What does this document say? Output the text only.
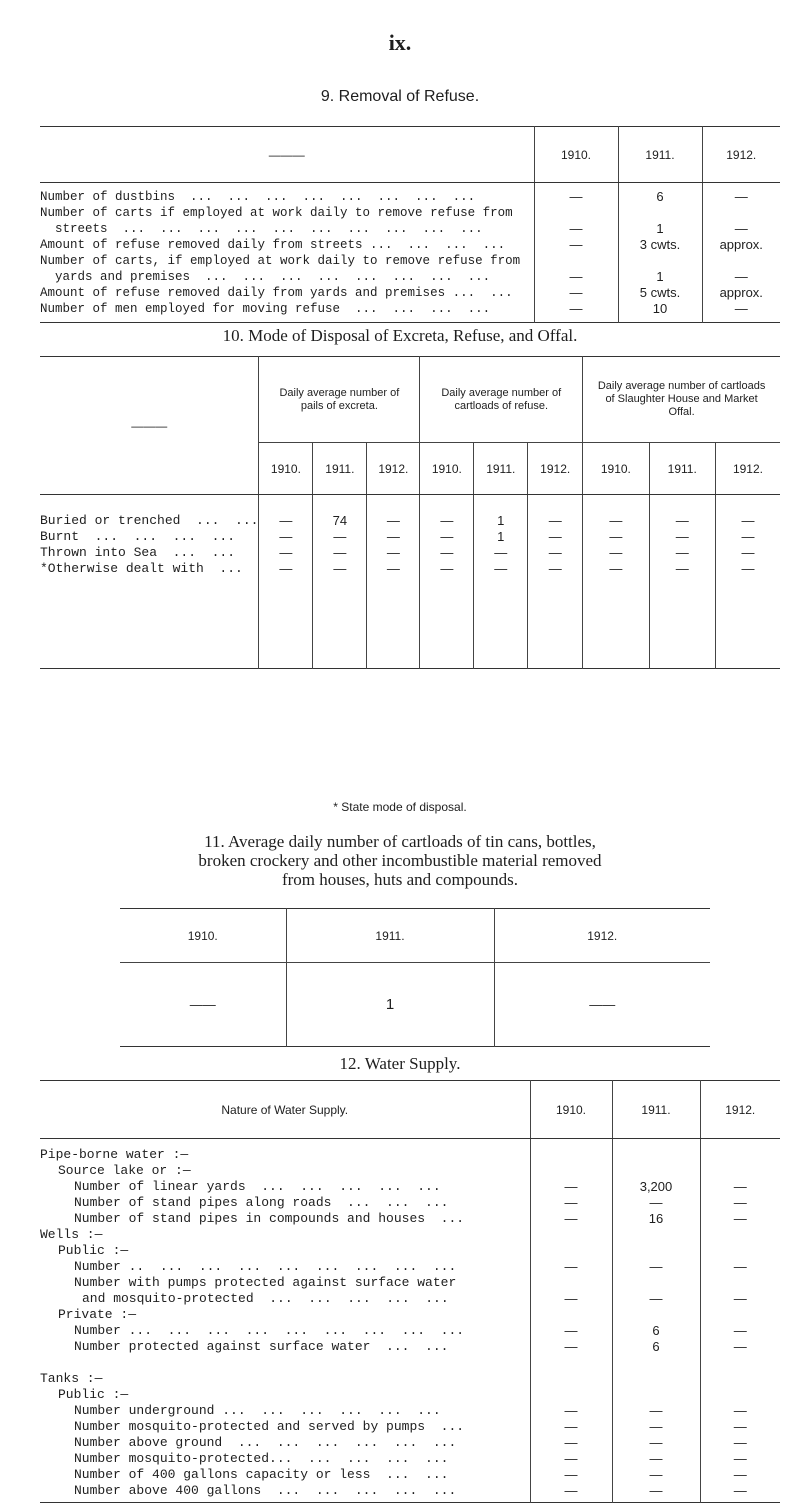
ix.
9. Removal of Refuse.
———	1910.	1911.	1912.

Number of dustbins  ...  ...  ...  ...  ...  ...  ...  ...	—	6	—

Number of carts if employed at work daily to remove refuse from
streets  ...  ...  ...  ...  ...  ...  ...  ...  ...  ...	—	1	—

Amount of refuse removed daily from streets ...  ...  ...  ...	—	3 cwts.	approx.

Number of carts, if employed at work daily to remove refuse from
yards and premises  ...  ...  ...  ...  ...  ...  ...  ...	—	1	—

Amount of refuse removed daily from yards and premises ...  ...	—	5 cwts.	approx.

Number of men employed for moving refuse  ...  ...  ...  ...	—	10	—

10. Mode of Disposal of Excreta, Refuse, and Offal.
———	Daily average number of pails of excreta.			Daily average number of cartloads of refuse.			Daily average number of cartloads of Slaughter House and Market Offal.		
	1910.	1911.	1912.	1910.	1911.	1912.	1910.	1911.	1912.

Buried or trenched  ...  ...	—	74	—	—	1	—	—	—	—
Burnt  ...  ...  ...  ...	—	—	—	—	1	—	—	—	—
Thrown into Sea  ...  ...	—	—	—	—	—	—	—	—	—
*Otherwise dealt with  ...	—	—	—	—	—	—	—	—	—

* State mode of disposal.
11. Average daily number of cartloads of tin cans, bottles,
broken crockery and other incombustible material removed
from houses, huts and compounds.
1910.	1911.	1912.
——	1	——
12. Water Supply.
Nature of Water Supply.	1910.	1911.	1912.

Pipe-borne water :—			
Source lake or :—			
Number of linear yards  ...  ...  ...  ...  ...	—	3,200	—
Number of stand pipes along roads  ...  ...  ...	—	—	—
Number of stand pipes in compounds and houses  ...	—	16	—
Wells :—			
Public :—			
Number ..  ...  ...  ...  ...  ...  ...  ...  ...	—	—	—
Number with pumps protected against surface water			
and mosquito-protected  ...  ...  ...  ...  ...	—	—	—
Private :—			
Number ...  ...  ...  ...  ...  ...  ...  ...  ...	—	6	—
Number protected against surface water  ...  ...	—	6	—

Tanks :—			
Public :—			
Number underground ...  ...  ...  ...  ...  ...	—	—	—
Number mosquito-protected and served by pumps  ...	—	—	—
Number above ground  ...  ...  ...  ...  ...  ...	—	—	—
Number mosquito-protected...  ...  ...  ...  ...	—	—	—
Number of 400 gallons capacity or less  ...  ...	—	—	—
Number above 400 gallons  ...  ...  ...  ...  ...	—	—	—
